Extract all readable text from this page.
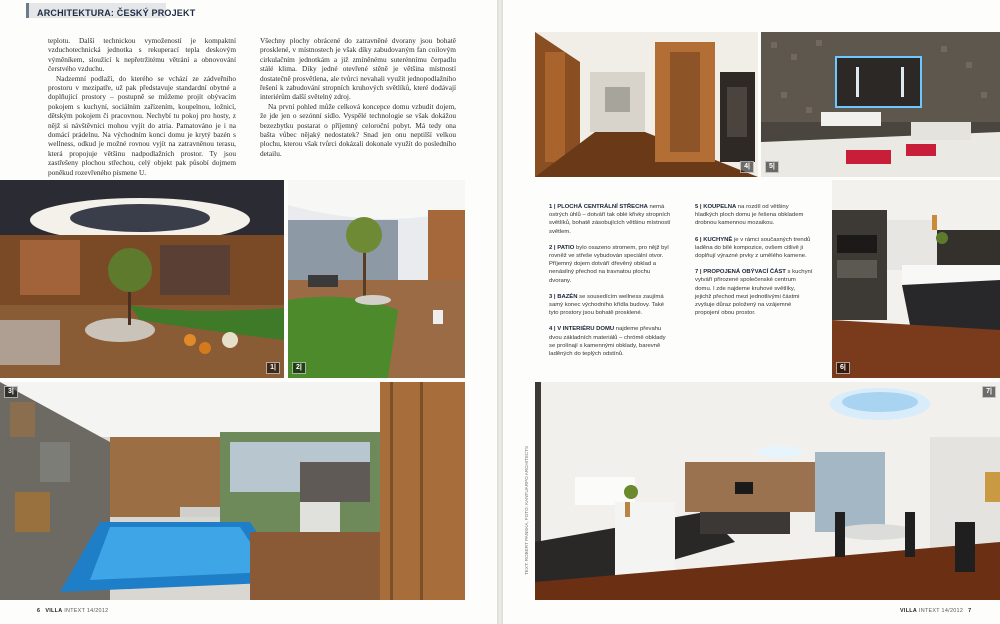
ARCHITEKTURA: ČESKÝ PROJEKT

teplotu. Další technickou vymožeností je kompaktní vzduchotechnická jednotka s rekuperací tepla deskovým výměníkem, sloužící k nepřetržitému větrání a obnovování čerstvého vzduchu.

Nadzemní podlaží, do kterého se vchází ze zádveřního prostoru v mezipatře, už pak představuje standardní obytné a doplňující prostory – postupně se můžeme projít obývacím pokojem s kuchyní, sociálním zařízením, koupelnou, ložnicí, dětským pokojem či pracovnou. Nechybí tu pokoj pro hosty, z nějž si návštěvníci mohou vyjít do atria. Pamatováno je i na domácí prádelnu. Na východním konci domu je krytý bazén s wellness, odkud je možné rovnou vyjít na zatravněnou terasu, která propojuje většinu nadpodlažních prostor. Ty jsou zastřešeny plochou střechou, celý objekt pak působí dojmem poněkud rozevřeného písmene U.

Všechny plochy obrácené do zatravněné dvorany jsou bohatě prosklené, v místnostech je však díky zabudovaným fan coilovým cirkulačním jednotkám a již zmíněnému suterénnímu čerpadlu stálé klima. Díky jedné otevřené stěně je většina místností dostatečně prosvětlena, ale tvůrci nevahali využít jednopodlažního řešení k zabudování stropních kruhových světlíků, které dodávají interiérům další světelný zdroj.

Na první pohled může celková koncepce domu vzbudit dojem, že jde jen o sezónní sídlo. Vyspělé technologie se však dokážou bezezbytku postarat o příjemný celoroční pobyt. Má tedy ona bašta vůbec nějaký nedostatek? Snad jen onu neptilší velkou plochu, kterou však tvůrci dokázali dokonale využít do posledního detailu.

1|	2|
3|
4|	5|
6|
7|
1 | PLOCHÁ CENTRÁLNÍ STŘECHA nemá ostrých úhlů – dotváří tak oblé křivky stropních světlíků, bohatě zásobujících většinu místností světlem.
2 | PATIO bylo osazeno stromem, pro nějž byl rovněž ve střeše vybudován speciální otvor. Příjemný dojem dotváří dřevěný obklad a nenásilný přechod na travnatou plochu dvorany.
3 | BAZÉN se sousedícím wellness zaujímá samý konec východního křídla budovy. Také tyto prostory jsou bohatě prosklené.
4 | V INTERIÉRU DOMU najdeme převahu dvou základních materiálů – chrómě obklady se prolínají s kamennými obklady, barevně laděných do teplých odstínů.
5 | KOUPELNA na rozdíl od většiny hladkých ploch domu je řešena obkladem drobnou kamennou mozaikou.
6 | KUCHYNĚ je v rámci současných trendů laděna do bílé kompozice, ovšem citlivě ji doplňují výrazné prvky z umělého kamene.
7 | PROPOJENÁ OBÝVACÍ ČÁST s kuchyní vytváří přirozené společenské centrum domu. I zde najdeme kruhové světlíky, jejichž přechod mezi jednotlivými částmi zvyšuje důraz položený na vzájemné propojení obou prostor.
TEXT: ROBERT PANSKA, FOTO: KANTUARPO ARCHITECTS
6 VILLA INTEXT 14/2012	VILLA INTEXT 14/2012 7
